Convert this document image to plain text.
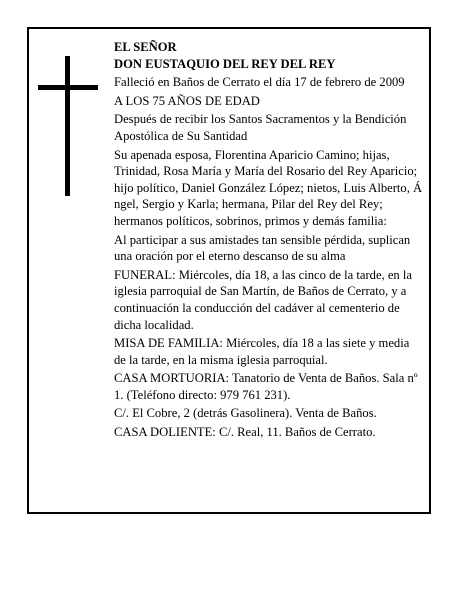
EL SEÑOR

DON EUSTAQUIO DEL REY DEL REY

Falleció en Baños de Cerrato el día 17 de febrero de 2009

A LOS 75 AÑOS DE EDAD

Después de recibir los Santos Sacramentos y la Bendición Apostólica de Su Santidad

Su apenada esposa, Florentina Aparicio Camino; hijas, Trinidad, Rosa María y María del Rosario del Rey Aparicio; hijo político, Daniel González López; nietos, Luis Alberto, Á ngel, Sergio y Karla; hermana, Pilar del Rey del Rey; hermanos políticos, sobrinos, primos y demás familia:

Al participar a sus amistades tan sensible pérdida, suplican una oración por el eterno descanso de su alma

FUNERAL: Miércoles, día 18, a las cinco de la tarde, en la iglesia parroquial de San Martín, de Baños de Cerrato, y a continuación la conducción del cadáver al cementerio de dicha localidad.

MISA DE FAMILIA: Miércoles, día 18 a las siete y media de la tarde, en la misma iglesia parroquial.

CASA MORTUORIA: Tanatorio de Venta de Baños. Sala nº 1. (Teléfono directo: 979 761 231).

C/. El Cobre, 2 (detrás Gasolinera). Venta de Baños.

CASA DOLIENTE: C/. Real, 11. Baños de Cerrato.
